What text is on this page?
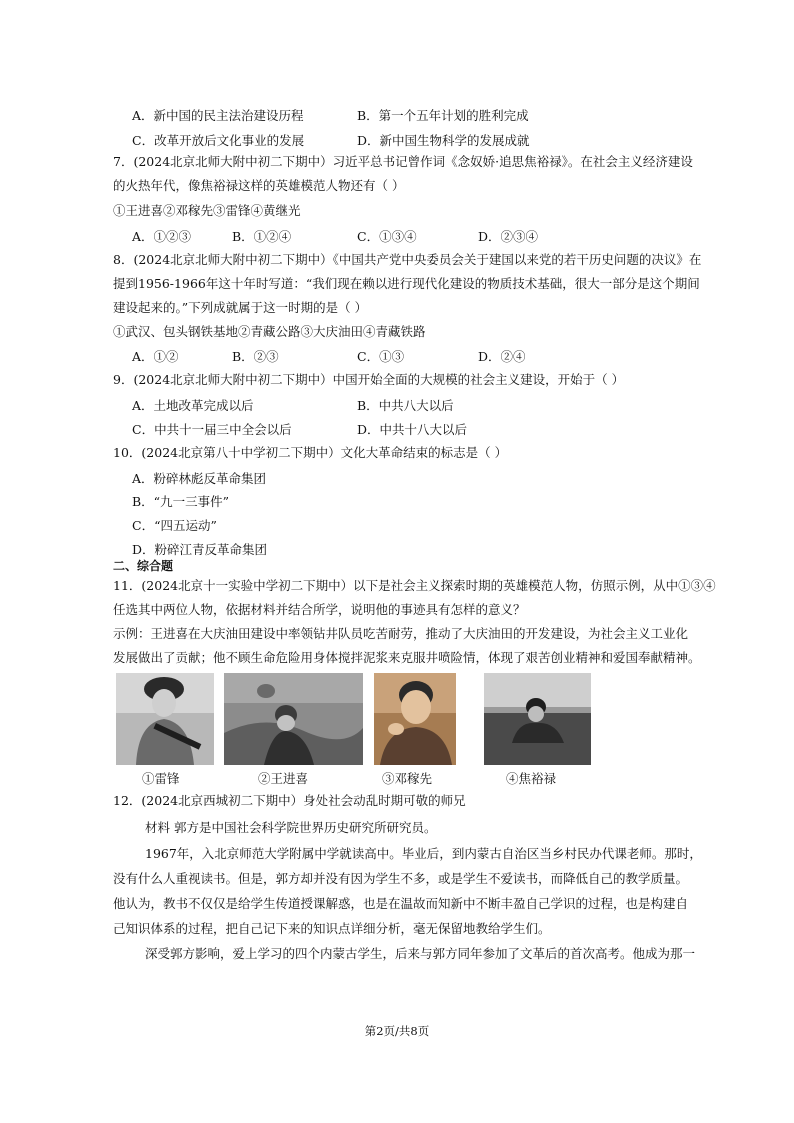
A．新中国的民主法治建设历程	B．第一个五年计划的胜利完成
C．改革开放后文化事业的发展	D．新中国生物科学的发展成就
7．(2024北京北师大附中初二下期中）习近平总书记曾作词《念奴娇·追思焦裕禄》。在社会主义经济建设
的火热年代，像焦裕禄这样的英雄模范人物还有（ ）
①王进喜②邓稼先③雷锋④黄继光
A．①②③	B．①②④	C．①③④	D．②③④
8．(2024北京北师大附中初二下期中）《中国共产党中央委员会关于建国以来党的若干历史问题的决议》在
提到1956-1966年这十年时写道：“我们现在赖以进行现代化建设的物质技术基础，很大一部分是这个期间
建设起来的。”下列成就属于这一时期的是（ ）
①武汉、包头钢铁基地②青藏公路③大庆油田④青藏铁路
A．①②	B．②③	C．①③	D．②④
9．(2024北京北师大附中初二下期中）中国开始全面的大规模的社会主义建设，开始于（ ）
A．土地改革完成以后	B．中共八大以后
C．中共十一届三中全会以后	D．中共十八大以后
10．(2024北京第八十中学初二下期中）文化大革命结束的标志是（ ）
A．粉碎林彪反革命集团
B．“九一三事件”
C．“四五运动”
D．粉碎江青反革命集团
二、综合题
11．(2024北京十一实验中学初二下期中）以下是社会主义探索时期的英雄模范人物，仿照示例，从中①③④
任选其中两位人物，依据材料并结合所学，说明他的事迹具有怎样的意义？
示例：王进喜在大庆油田建设中率领钻井队员吃苦耐劳，推动了大庆油田的开发建设，为社会主义工业化
发展做出了贡献；他不顾生命危险用身体搅拌泥浆来克服井喷险情，体现了艰苦创业精神和爱国奉献精神。
①雷锋	②王进喜	③邓稼先	④焦裕禄
12．(2024北京西城初二下期中）身处社会动乱时期可敬的师兄
材料 郭方是中国社会科学院世界历史研究所研究员。
1967年，入北京师范大学附属中学就读高中。毕业后，到内蒙古自治区当乡村民办代课老师。那时，
没有什么人重视读书。但是，郭方却并没有因为学生不多，或是学生不爱读书，而降低自己的教学质量。
他认为，教书不仅仅是给学生传道授课解惑，也是在温故而知新中不断丰盈自己学识的过程，也是构建自
己知识体系的过程，把自己记下来的知识点详细分析，毫无保留地教给学生们。
深受郭方影响，爱上学习的四个内蒙古学生，后来与郭方同年参加了文革后的首次高考。他成为那一
第2页/共8页
